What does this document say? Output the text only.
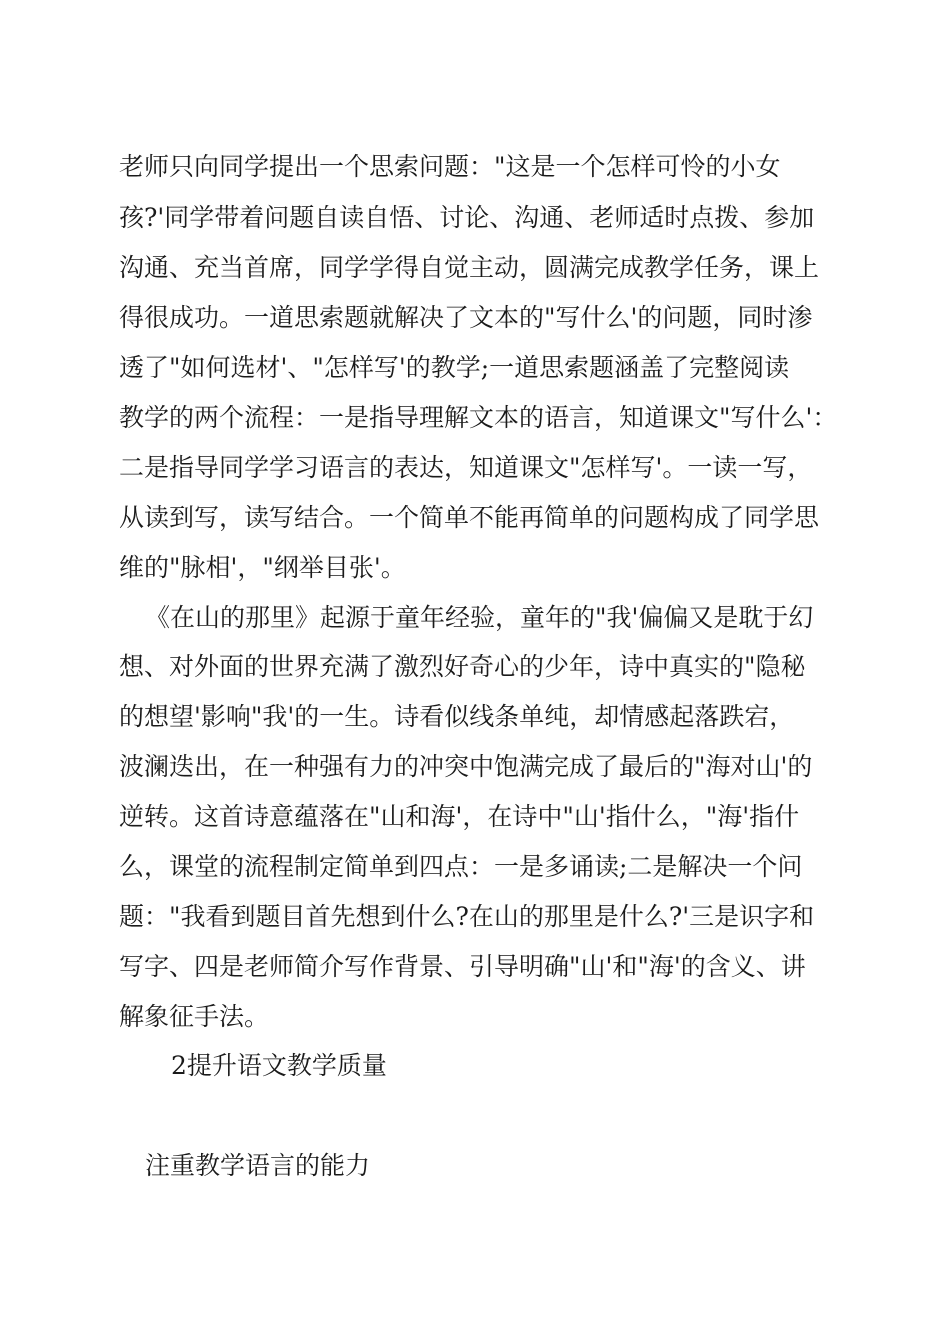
老师只向同学提出一个思索问题："这是一个怎样可怜的小女
孩?'同学带着问题自读自悟、讨论、沟通、老师适时点拨、参加
沟通、充当首席，同学学得自觉主动，圆满完成教学任务，课上
得很成功。一道思索题就解决了文本的"写什么'的问题，同时渗
透了"如何选材'、"怎样写'的教学;一道思索题涵盖了完整阅读
教学的两个流程：一是指导理解文本的语言，知道课文"写什么'：
二是指导同学学习语言的表达，知道课文"怎样写'。一读一写，
从读到写，读写结合。一个简单不能再简单的问题构成了同学思
维的"脉相'，"纲举目张'。
《在山的那里》起源于童年经验，童年的"我'偏偏又是耽于幻
想、对外面的世界充满了激烈好奇心的少年，诗中真实的"隐秘
的想望'影响"我'的一生。诗看似线条单纯，却情感起落跌宕，
波澜迭出，在一种强有力的冲突中饱满完成了最后的"海对山'的
逆转。这首诗意蕴落在"山和海'，在诗中"山'指什么，"海'指什
么，课堂的流程制定简单到四点：一是多诵读;二是解决一个问
题："我看到题目首先想到什么?在山的那里是什么?'三是识字和
写字、四是老师简介写作背景、引导明确"山'和"海'的含义、讲
解象征手法。
2提升语文教学质量
注重教学语言的能力
